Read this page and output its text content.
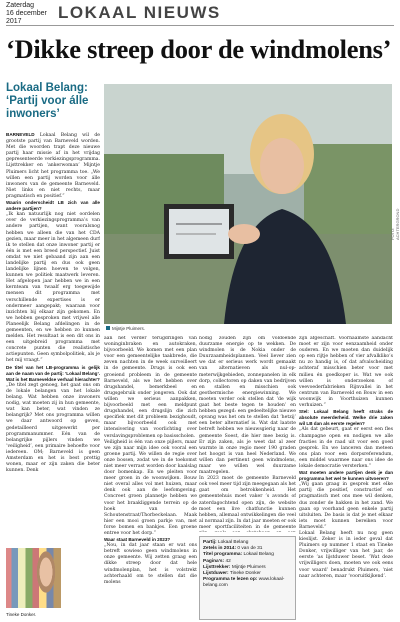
Zaterdag
16 december
2017	LOKAAL NIEUWS
‘Dikke streep door de windmolens’
Lokaal Belang:
‘Partij voor álle
inwoners’
FOTO: ACHTERGROND
Mijntje Pluimers.

BARNEVELD Lokaal Belang wil de grootste partij van Barneveld worden. Met die woorden trapt deze nieuwe partij haar missie af in het vrijdag gepresenteerde verkiezingsprogramma. Lijsttrekker en ‘ankerwoman’ Mijntje Pluimers licht het programma toe. „We willen een partij worden voor álle inwoners van de gemeente Barneveld. Niet links en niet rechts, maar pragmatisch en positief.”

Waarin onderscheidt LB zich van alle andere partijen?

„Ik kan natuurlijk nog niet oordelen over de verkiezingsprogramma’s van andere partijen, want vooralsnog hebben we alleen die van het CDA gezien, maar meer in het algemeen durf ik te stellen dat onze inwoner partij er één is met een breed perspectief. Juist omdat we niet gebaand zijn aan een landelijke partij en dus ook geen landelijke lijnen hoeven te volgen, kunnen we politiek maatwerk leveren. Het afgelopen jaar hebben we in een kernteam van twaalf erg toegewijde mensen dit programma met verschillende expertises is er ondermeer aangepakt; waaraan voor inzichten bij elkaar zijn gekomen. En we hebben gesproken met vrijwel alle Planeelijk Belang afdelingen in de gemeenten, en we hebben zo kunnen melden. Het resultaat is een dit ons in een uitgebreid programma met concrete punten die realistische actiepunten. Geen symbolpolitiek, als je het mij vraagt.”

De titel van het LB-programma is gelijk aan de naam van de partij: ‘Lokaal Belang’. Wat is het Barneveldse verhaal hierachter?

„De titel zegt genoeg, het gaat ons om de lokale belangen van het lokale belang. Wat hebben onze inwoners nodig, wat moeten zij in hun gemeente, wat kan beter, wat vinden ze belangrijk? Met ons programma willen we daar antwoord op geven, gedetailleerd uitgewerkt per programmanummer. Eén van de belangrijke pijlers vinden we ‘veiligheid’, een primaire behoefte voor iedereen. OM; Barneveld is geen Amsterdam en het is best prettig wonen, maar er zijn zaken die beter kunnen. Denk

aan het verder terugdringen van woninginbraken en autokraken, bijvoorbeeld. We komen met een plan voor een gemeentelijke taakbrede, die zeven nachten in de week surveilleert in de gemeente. Drugs is ook een groeiend probleem in de gemeente Barneveld, als we het hebben over drugshandel, bemerkbeel en drugsgebruik onder jongeren. Ook dat willen we serieus aanpakken, bijvoorbeeld met een meldpunt drugshandel, een drugslijn die zich specifiek met dit probleem bezighoudt, maar bijvoorbeeld ook met intensivering van voorlichting over verslavingsproblemen op basisscholen.

Veiligheid is één van onze pijlers, maar we zijn naar mijn idee ook vooral een groene partij. We willen de regie over onze bossen, zodat we in de toekomst niet meer verrast worden door kaalslag door bomenkap. En we pleiten voor meer groen in de woonwijken. Bouw niet overal alles vol met huizen, maar denk ook aan de leefomgeving. Concreet groen plannetje hebben we voor het braakliggende terrein op de hoek van de Schoutenstraat/Thorbeckelaan. Maak hier een mooi groen parkje van, met forse bomen en bankjes. Een groene entree voor het dorp.”

Waar staat Barneveld in 2023?

„Nou, in dat jaar staan er wat ons betreft sowieso geen windmolens in onze gemeente. Wij zetten graag een dikke streep door dat hele windmolenplan, het is volstrekt achterhaald om te stellen dat die molens

nodig zouden zijn om voldoende duurzame energie op te wekken. De windmolen is de Nokia onder de Duurzaamheidsplannen. Veel liever zien we dat er serieus werk wordt gemaakt van alternatieven als nul-op-meterwijkgebieden, zonnepanelen in elk dorp, collectoren op daken van bedrijven en stallen en misschien ook geothermische energiewinning. We moeten verder ook stellen dat ‘de wijk gaat het beste tegen te houden’ en hebben gezegd: een gedeeltelijke nieuwe opvang was het om te stellen dat ‘hetzij’ een beter alternatief is. Wat dat laatste betreft hebben we nieuwsgierig naar de gemeente Soest, die hier mee bezig is. Er zijn zaken, als je weet dat al zeer warmte in onze regio meer 190 graden het hoogst is van heel Nederland. We willen dan pertinent geen windmolens, maar we willen wel duurzame maatregelen.

In 2023 moet de gemeente Barneveld ook veel meer tijd zijn meegegaan als het gaat om betrokkenheid. Het gemeentehuis moet vaker ’s avonds of zaterdagochtend open zijn, de website moet een live chatfunctie kunnen hebben, allemaal ontwikkelingen die veel al normaal zijn. In dat jaar moeten er ook meer sportfaciliteiten in de gemeente

Partij: Lokaal Belang
Zetels in 2014: 0 van de 31
Titel programma: Lokaal Belang
Pagina’s: 42
Lijsttrekker: Mijntje Pluimers
Lijstduwer: Tineke Donker
Programma te lezen op: www.lokaal-belang.com

zijn afgeschaft. Voornaamste aandacht moet er zijn voor eenzaamheid onder ouderen. En we moeten dan duidelijk op een rijtje hebben of vier afvalkliko’s nu zo handig is, of dat afvalscheiding achteraf misschien beter voor met milieu én goedkoper is. Wat we ook willen is onderzoeken of veevoederfabrieken Rijnvallei in het centrum van Barneveld en Bouw in een woonwijk in Voorthuizen kunnen verhuizen.”

Stel: Lokaal Belang heeft straks de absolute meerderheid. Welke drie zaken wil LB dan als eerste regelen?

„Als dat gebeurt, gaat er eerst een fles champagne open en nodigen we alle fracties in de raad uit voor een goed gesprek. En we lanceren dan meteen ons plan voor een dorpsreferendum, een middel waarmee naar ons idee de lokale democratie versterken.”

Wat moeten andere partijen denk je dan programma het wel te kunnen uitvoeren?

„Wij gaan graag in gesprek met elke partij die positief, constructief en pragmatisch met ons mee wil denken, dus zonder de hakken in het zand. We gaan op voorhand geen enkele partij uitsluiten. De basis is dat je met elkaar iets moet kunnen bereiken voor Barneveld.”

Lokaal Belang heeft nu nog geen kieslijst. Zeker is in ieder geval dat Pluimers op nummer 1 staat en Tineke Donker, vrijwilliger van het jaar, de eerste ‘as lijstduwer beset. ‘Wat deze vrijwilligers doen, moeten we ook eens voor waard’ benadrukt Pluimers, ‘niet naar achteren, maar ‘vooruitkijkend’.

Tineke Donker.
